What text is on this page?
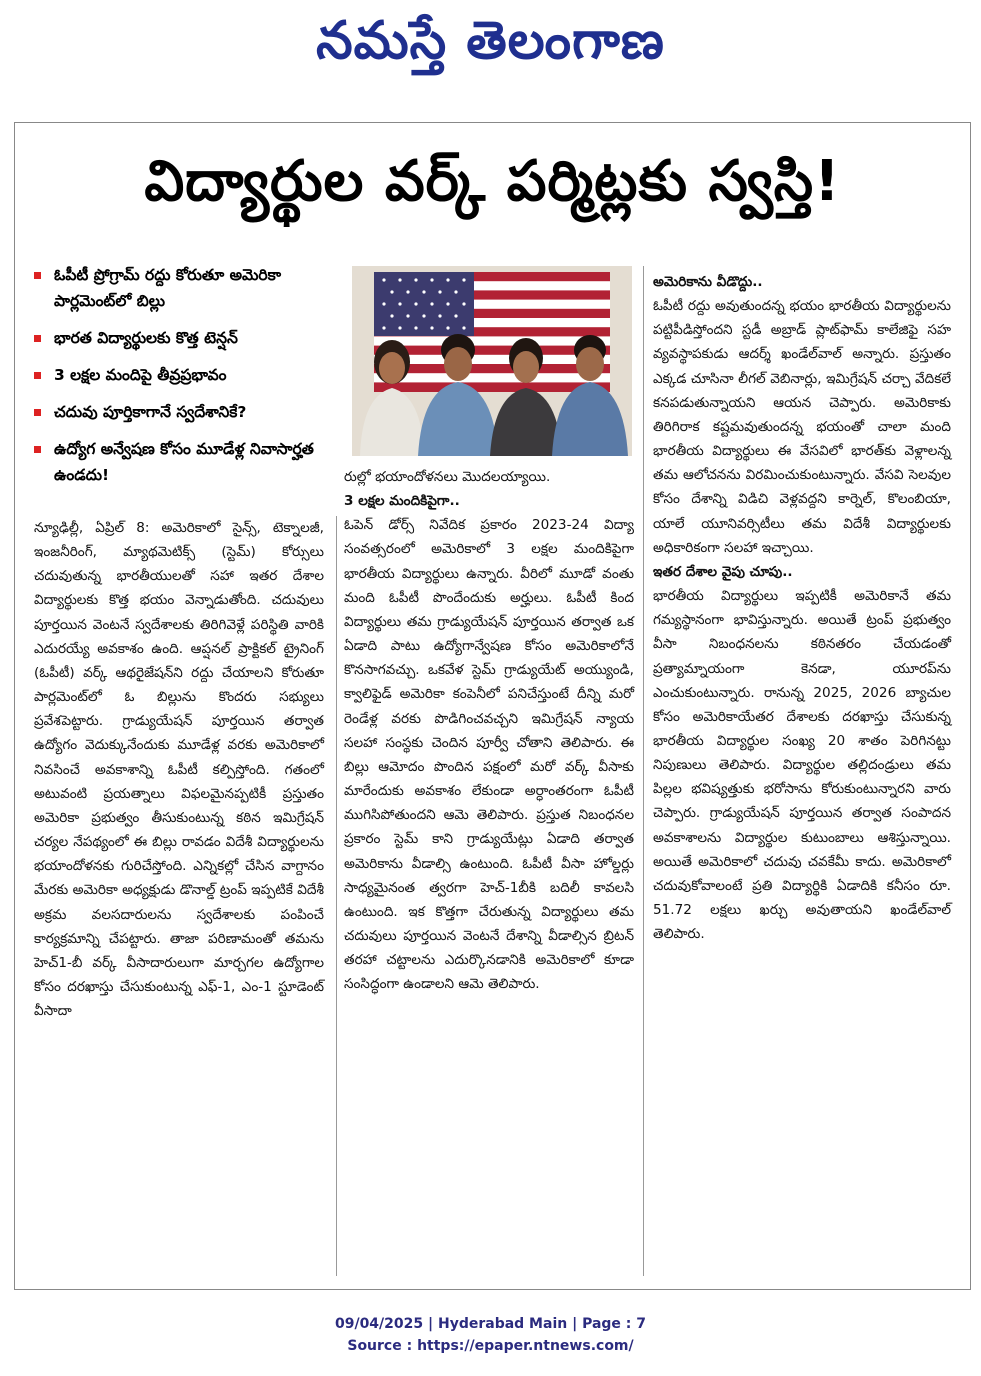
నమస్తే తెలంగాణ
విద్యార్థుల వర్క్ పర్మిట్లకు స్వస్తి!
ఓపీటీ ప్రోగ్రామ్ రద్దు కోరుతూ అమెరికా పార్లమెంట్‌లో బిల్లు
భారత విద్యార్థులకు కొత్త టెన్షన్
3 లక్షల మందిపై తీవ్రప్రభావం
చదువు పూర్తికాగానే స్వదేశానికే?
ఉద్యోగ అన్వేషణ కోసం మూడేళ్ల నివాసార్హత ఉండదు!

న్యూఢిల్లీ, ఏప్రిల్ 8: అమెరికాలో సైన్స్, టెక్నాలజీ, ఇంజనీరింగ్, మ్యాథమెటిక్స్ (స్టెమ్) కోర్సులు చదువుతున్న భారతీయులతో సహా ఇతర దేశాల విద్యార్థులకు కొత్త భయం వెన్నాడుతోంది. చదువులు పూర్తయిన వెంటనే స్వదేశాలకు తిరిగివెళ్లే పరిస్థితి వారికి ఎదురయ్యే అవకాశం ఉంది. ఆప్షనల్ ప్రాక్టికల్ ట్రైనింగ్ (ఓపీటీ) వర్క్ ఆథరైజేషన్‌ని రద్దు చేయాలని కోరుతూ పార్లమెంట్‌లో ఓ బిల్లును కొందరు సభ్యులు ప్రవేశపెట్టారు. గ్రాడ్యుయేషన్ పూర్తయిన తర్వాత ఉద్యోగం వెదుక్కునేందుకు మూడేళ్ల వరకు అమెరికాలో నివసించే అవకాశాన్ని ఓపీటీ కల్పిస్తోంది. గతంలో అటువంటి ప్రయత్నాలు విఫలమైనప్పటికీ ప్రస్తుతం అమెరికా ప్రభుత్వం తీసుకుంటున్న కఠిన ఇమిగ్రేషన్ చర్యల నేపథ్యంలో ఈ బిల్లు రావడం విదేశీ విద్యార్థులను భయాందోళనకు గురిచేస్తోంది. ఎన్నికల్లో చేసిన వాగ్దానం మేరకు అమెరికా అధ్యక్షుడు డొనాల్డ్ ట్రంప్ ఇప్పటికే విదేశీ అక్రమ వలసదారులను స్వదేశాలకు పంపించే కార్యక్రమాన్ని చేపట్టారు. తాజా పరిణామంతో తమను హెచ్1-బీ వర్క్ వీసాదారులుగా మార్చగల ఉద్యోగాల కోసం దరఖాస్తు చేసుకుంటున్న ఎఫ్-1, ఎం-1 స్టూడెంట్ వీసాదా

రుల్లో భయాందోళనలు మొదలయ్యాయి.

3 లక్షల మందికిపైగా..

ఓపెన్ డోర్స్ నివేదిక ప్రకారం 2023-24 విద్యా సంవత్సరంలో అమెరికాలో 3 లక్షల మందికిపైగా భారతీయ విద్యార్థులు ఉన్నారు. వీరిలో మూడో వంతు మంది ఓపీటీ పొందేందుకు అర్హులు. ఓపీటీ కింద విద్యార్థులు తమ గ్రాడ్యుయేషన్ పూర్తయిన తర్వాత ఒక ఏడాది పాటు ఉద్యోగాన్వేషణ కోసం అమెరికాలోనే కొనసాగవచ్చు. ఒకవేళ స్టెమ్ గ్రాడ్యుయేట్ అయ్యుండి, క్వాలిఫైడ్ అమెరికా కంపెనీలో పనిచేస్తుంటే దీన్ని మరో రెండేళ్ల వరకు పొడిగించవచ్చని ఇమిగ్రేషన్ న్యాయ సలహా సంస్థకు చెందిన పూర్వీ చోతాని తెలిపారు. ఈ బిల్లు ఆమోదం పొందిన పక్షంలో మరో వర్క్ వీసాకు మారేందుకు అవకాశం లేకుండా అర్ధాంతరంగా ఓపీటీ ముగిసిపోతుందని ఆమె తెలిపారు. ప్రస్తుత నిబంధనల ప్రకారం స్టెమ్ కాని గ్రాడ్యుయేట్లు ఏడాది తర్వాత అమెరికాను వీడాల్సి ఉంటుంది. ఓపీటీ వీసా హోల్డర్లు సాధ్యమైనంత త్వరగా హెచ్-1బీకి బదిలీ కావలసి ఉంటుంది. ఇక కొత్తగా చేరుతున్న విద్యార్థులు తమ చదువులు పూర్తయిన వెంటనే దేశాన్ని వీడాల్సిన బ్రిటన్ తరహా చట్టాలను ఎదుర్కొనడానికి అమెరికాలో కూడా సంసిద్ధంగా ఉండాలని ఆమె తెలిపారు.

అమెరికాను వీడొద్దు..

ఓపీటీ రద్దు అవుతుందన్న భయం భారతీయ విద్యార్థులను పట్టిపీడిస్తోందని స్టడీ అబ్రాడ్ ప్లాట్‌ఫామ్ కాలేజిఫై సహ వ్యవస్థాపకుడు ఆదర్శ్ ఖండేల్‌వాల్ అన్నారు. ప్రస్తుతం ఎక్కడ చూసినా లీగల్ వెబినార్లు, ఇమిగ్రేషన్ చర్చా వేదికలే కనపడుతున్నాయని ఆయన చెప్పారు. అమెరికాకు తిరిగిరాక కష్టమవుతుందన్న భయంతో చాలా మంది భారతీయ విద్యార్థులు ఈ వేసవిలో భారత్‌కు వెళ్లాలన్న తమ ఆలోచనను విరమించుకుంటున్నారు. వేసవి సెలవుల కోసం దేశాన్ని విడిచి వెళ్లవద్దని కార్నెల్, కొలంబియా, యాలే యూనివర్సిటీలు తమ విదేశీ విద్యార్థులకు అధికారికంగా సలహా ఇచ్చాయి.

ఇతర దేశాల వైపు చూపు..

భారతీయ విద్యార్థులు ఇప్పటికీ అమెరికానే తమ గమ్యస్థానంగా భావిస్తున్నారు. అయితే ట్రంప్ ప్రభుత్వం వీసా నిబంధనలను కఠినతరం చేయడంతో ప్రత్యామ్నాయంగా కెనడా, యూరప్‌ను ఎంచుకుంటున్నారు. రానున్న 2025, 2026 బ్యాచుల కోసం అమెరికాయేతర దేశాలకు దరఖాస్తు చేసుకున్న భారతీయ విద్యార్థుల సంఖ్య 20 శాతం పెరిగినట్టు నిపుణులు తెలిపారు. విద్యార్థుల తల్లిదండ్రులు తమ పిల్లల భవిష్యత్తుకు భరోసాను కోరుకుంటున్నారని వారు చెప్పారు. గ్రాడ్యుయేషన్ పూర్తయిన తర్వాత సంపాదన అవకాశాలను విద్యార్థుల కుటుంబాలు ఆశిస్తున్నాయి. అయితే అమెరికాలో చదువు చవకేమీ కాదు. అమెరికాలో చదువుకోవాలంటే ప్రతి విద్యార్థికి ఏడాదికి కనీసం రూ. 51.72 లక్షలు ఖర్చు అవుతాయని ఖండేల్‌వాల్ తెలిపారు.

09/04/2025 | Hyderabad Main | Page : 7
Source : https://epaper.ntnews.com/
